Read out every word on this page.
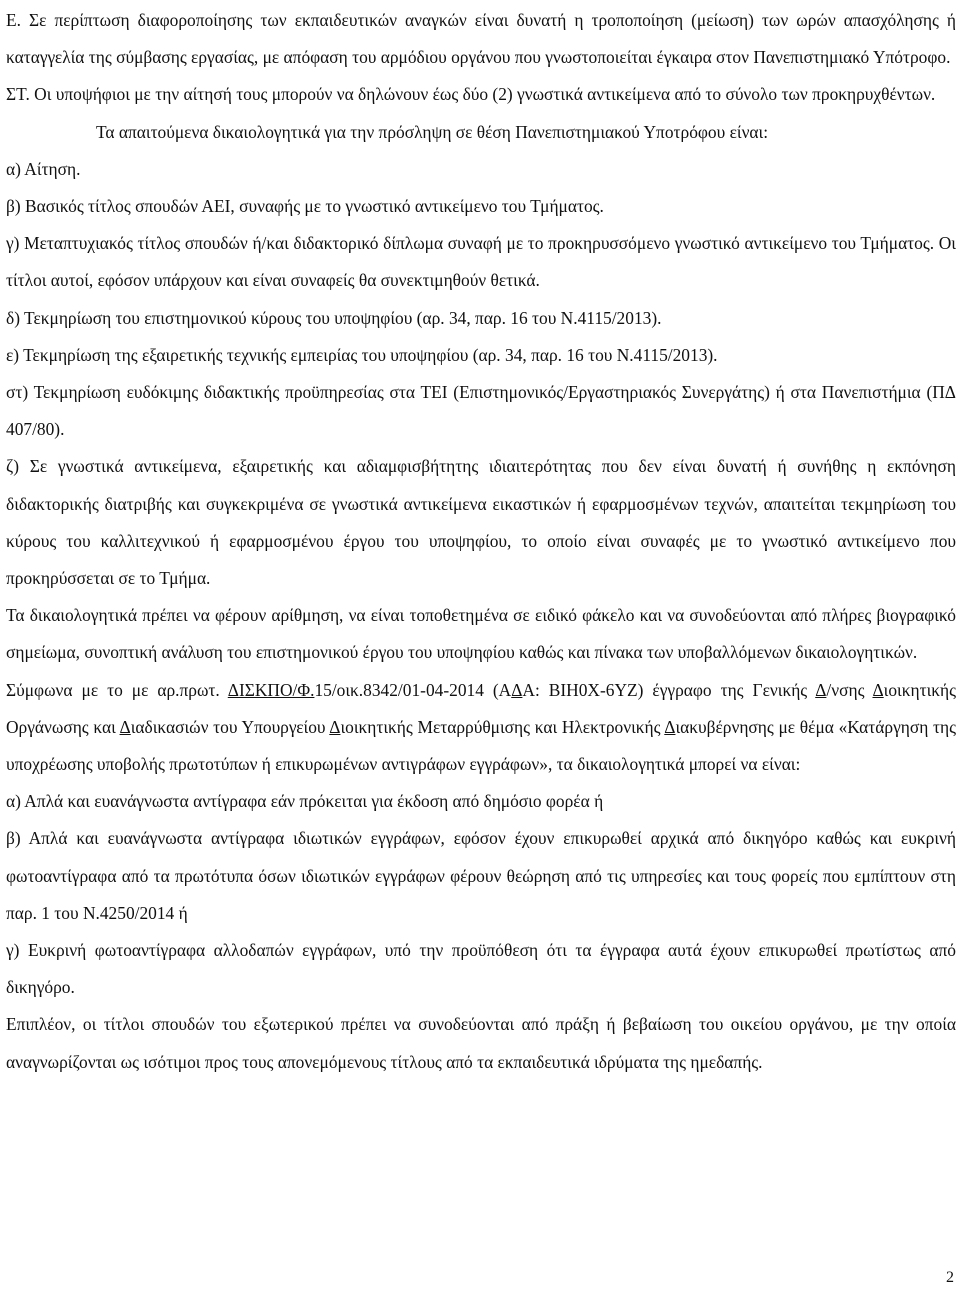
Ε. Σε περίπτωση διαφοροποίησης των εκπαιδευτικών αναγκών είναι δυνατή η τροποποίηση (μείωση) των ωρών απασχόλησης ή καταγγελία της σύμβασης εργασίας, με απόφαση του αρμόδιου οργάνου που γνωστοποιείται έγκαιρα στον Πανεπιστημιακό Υπότροφο.

ΣΤ. Οι υποψήφιοι με την αίτησή τους μπορούν να δηλώνουν έως δύο (2) γνωστικά αντικείμενα από το σύνολο των προκηρυχθέντων.

Τα απαιτούμενα δικαιολογητικά για την πρόσληψη σε θέση Πανεπιστημιακού Υποτρόφου είναι:

α) Αίτηση.

β) Βασικός τίτλος σπουδών ΑΕΙ, συναφής με το γνωστικό αντικείμενο του Τμήματος.

γ) Μεταπτυχιακός τίτλος σπουδών ή/και διδακτορικό δίπλωμα συναφή με το προκηρυσσόμενο γνωστικό αντικείμενο του Τμήματος. Οι τίτλοι αυτοί, εφόσον υπάρχουν και είναι συναφείς θα συνεκτιμηθούν θετικά.

δ) Τεκμηρίωση του επιστημονικού κύρους του υποψηφίου (αρ. 34, παρ. 16 του Ν.4115/2013).

ε) Τεκμηρίωση της εξαιρετικής τεχνικής εμπειρίας του υποψηφίου (αρ. 34, παρ. 16 του Ν.4115/2013).

στ) Τεκμηρίωση ευδόκιμης διδακτικής προϋπηρεσίας στα ΤΕΙ (Επιστημονικός/Εργαστηριακός Συνεργάτης) ή στα Πανεπιστήμια (ΠΔ 407/80).

ζ) Σε γνωστικά αντικείμενα, εξαιρετικής και αδιαμφισβήτητης ιδιαιτερότητας που δεν είναι δυνατή ή συνήθης η εκπόνηση διδακτορικής διατριβής και συγκεκριμένα σε γνωστικά αντικείμενα εικαστικών ή εφαρμοσμένων τεχνών, απαιτείται τεκμηρίωση του κύρους του καλλιτεχνικού ή εφαρμοσμένου έργου του υποψηφίου, το οποίο είναι συναφές με το γνωστικό αντικείμενο που προκηρύσσεται σε το Τμήμα.

Τα δικαιολογητικά πρέπει να φέρουν αρίθμηση, να είναι τοποθετημένα σε ειδικό φάκελο και να συνοδεύονται από πλήρες βιογραφικό σημείωμα, συνοπτική ανάλυση του επιστημονικού έργου του υποψηφίου καθώς και πίνακα των υποβαλλόμενων δικαιολογητικών.

Σύμφωνα με το με αρ.πρωτ. ΔΙΣΚΠΟ/Φ.15/οικ.8342/01-04-2014 (ΑΔΑ: ΒΙΗ0Χ-6ΥΖ) έγγραφο της Γενικής Δ/νσης Διοικητικής Οργάνωσης και Διαδικασιών του Υπουργείου Διοικητικής Μεταρρύθμισης και Ηλεκτρονικής Διακυβέρνησης με θέμα «Κατάργηση της υποχρέωσης υποβολής πρωτοτύπων ή επικυρωμένων αντιγράφων εγγράφων», τα δικαιολογητικά μπορεί να είναι:

α) Απλά και ευανάγνωστα αντίγραφα εάν πρόκειται για έκδοση από δημόσιο φορέα ή

β) Απλά και ευανάγνωστα αντίγραφα ιδιωτικών εγγράφων, εφόσον έχουν επικυρωθεί αρχικά από δικηγόρο καθώς και ευκρινή φωτοαντίγραφα από τα πρωτότυπα όσων ιδιωτικών εγγράφων φέρουν θεώρηση από τις υπηρεσίες και τους φορείς που εμπίπτουν στη παρ. 1 του Ν.4250/2014 ή

γ) Ευκρινή φωτοαντίγραφα αλλοδαπών εγγράφων, υπό την προϋπόθεση ότι τα έγγραφα αυτά έχουν επικυρωθεί πρωτίστως από δικηγόρο.

Επιπλέον, οι τίτλοι σπουδών του εξωτερικού πρέπει να συνοδεύονται από πράξη ή βεβαίωση του οικείου οργάνου, με την οποία αναγνωρίζονται ως ισότιμοι προς τους απονεμόμενους τίτλους από τα εκπαιδευτικά ιδρύματα της ημεδαπής.

2
